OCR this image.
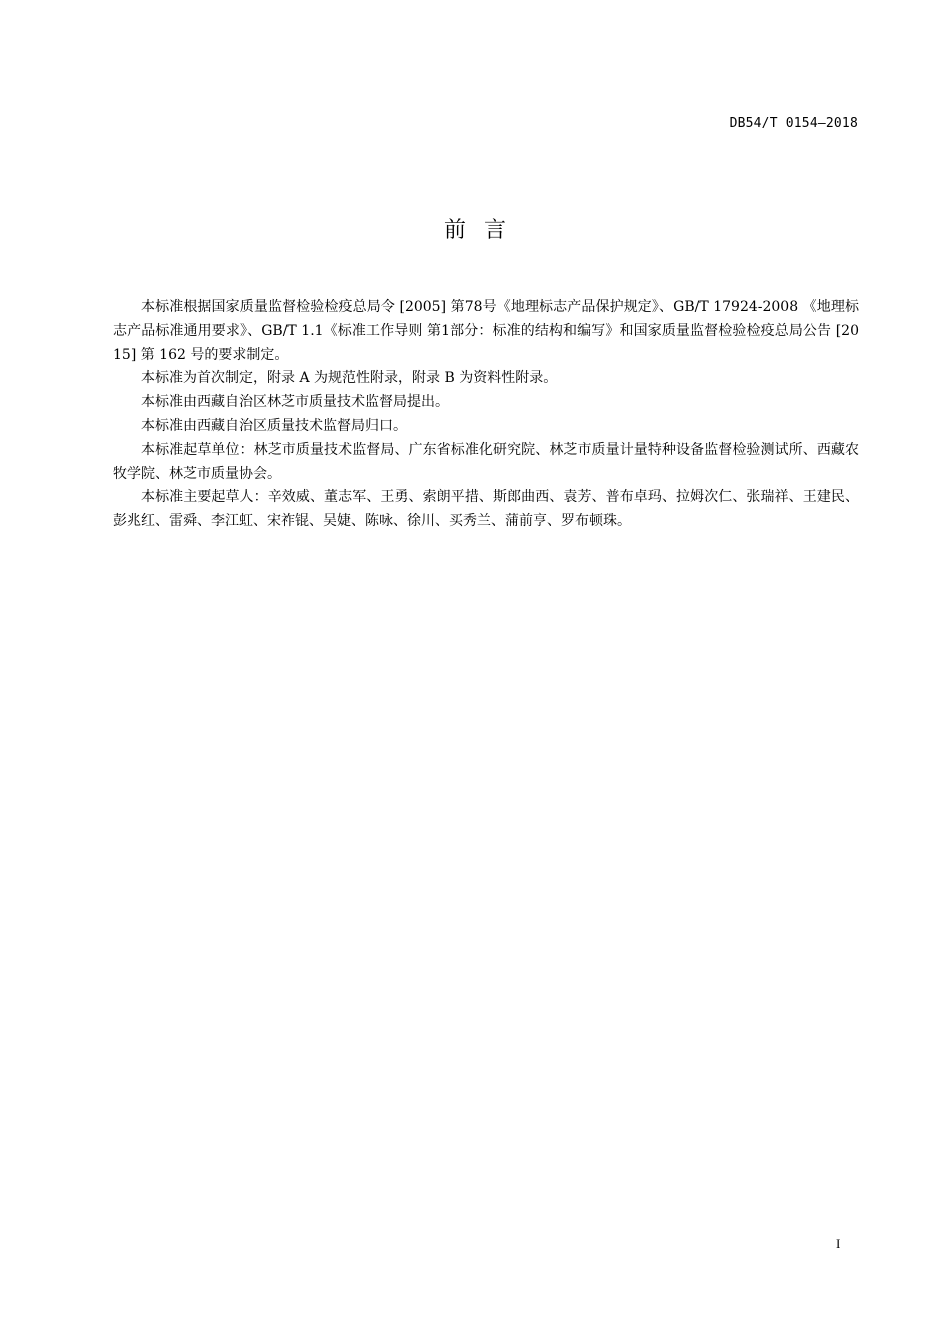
DB54/T 0154—2018
前言

本标准根据国家质量监督检验检疫总局令 [2005] 第78号《地理标志产品保护规定》、GB/T 17924-2008 《地理标志产品标准通用要求》、GB/T 1.1《标准工作导则 第1部分：标准的结构和编写》和国家质量监督检验检疫总局公告 [2015] 第 162 号的要求制定。

本标准为首次制定，附录 A 为规范性附录，附录 B 为资料性附录。

本标准由西藏自治区林芝市质量技术监督局提出。

本标准由西藏自治区质量技术监督局归口。

本标准起草单位：林芝市质量技术监督局、广东省标准化研究院、林芝市质量计量特种设备监督检验测试所、西藏农牧学院、林芝市质量协会。

本标准主要起草人：辛效威、董志军、王勇、索朗平措、斯郎曲西、袁芳、普布卓玛、拉姆次仁、张瑞祥、王建民、彭兆红、雷舜、李江虹、宋祚锟、吴婕、陈咏、徐川、买秀兰、蒲前亨、罗布顿珠。

I
